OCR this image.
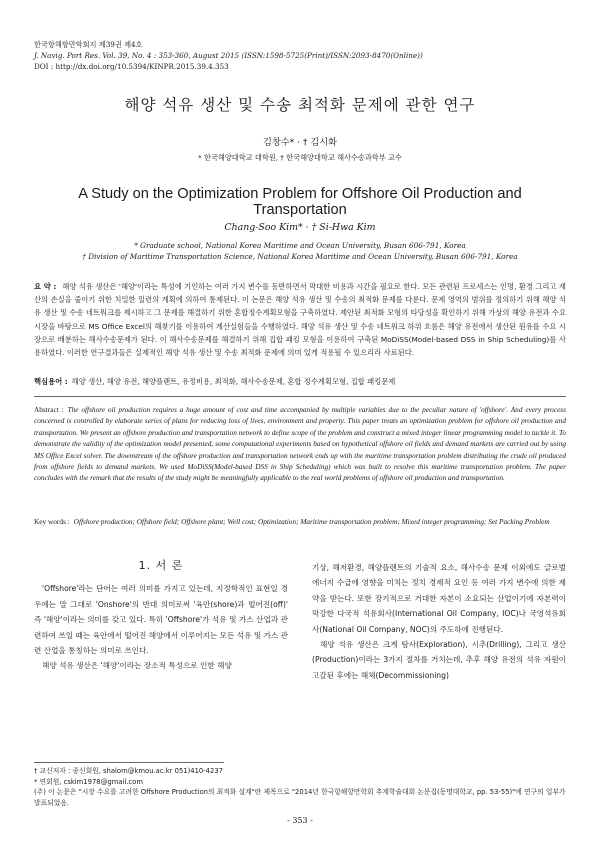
한국항해항만학회지 제39권 제4호
J. Navig. Port Res. Vol. 39, No. 4 : 353-360, August 2015 (ISSN:1598-5725(Print)/ISSN:2093-8470(Online))
DOI : http://dx.doi.org/10.5394/KINPR.2015.39.4.353
해양 석유 생산 및 수송 최적화 문제에 관한 연구
김창수* · † 김시화
* 한국해양대학교 대학원, † 한국해양대학교 해사수송과학부 교수
A Study on the Optimization Problem for Offshore Oil Production and Transportation
Chang-Soo Kim* · † Si-Hwa Kim
* Graduate school, National Korea Maritime and Ocean University, Busan 606-791, Korea
† Division of Maritime Transportation Science, National Korea Maritime and Ocean University, Busan 606-791, Korea
요 약 : 해양 석유 생산은 '해양'이라는 특성에 기인하는 여러 가지 변수를 동반하면서 막대한 비용과 시간을 필요로 한다. 모든 관련된 프로세스는 인명, 환경 그리고 재산의 손실을 줄이기 위한 치밀한 일련의 계획에 의하여 통제된다. 이 논문은 해양 석유 생산 및 수송의 최적화 문제를 다룬다. 문제 영역의 범위를 정의하기 위해 해양 석유 생산 및 수송 네트워크를 제시하고 그 문제를 해결하기 위한 혼합정수계획모형을 구축하였다. 제안된 최적화 모형의 타당성을 확인하기 위해 가상의 해양 유전과 수요 시장을 바탕으로 MS Office Excel의 해찾기를 이용하여 계산실험들을 수행하였다. 해양 석유 생산 및 수송 네트워크 하위 흐름은 해양 유전에서 생산된 원유를 수요 시장으로 배분하는 해사수송문제가 된다. 이 해사수송문제를 해결하기 위해 집합 패킹 모형을 이용하여 구축된 MoDiSS(Model-based DSS in Ship Scheduling)를 사용하였다. 이러한 연구결과들은 실제적인 해양 석유 생산 및 수송 최적화 문제에 의미 있게 적용될 수 있으리라 사료된다.
핵심용어 : 해양 생산, 해양 유전, 해양플랜트, 유정비용, 최적화, 해사수송문제, 혼합 정수계획모형, 집합 패킹문제
Abstract : The offshore oil production requires a huge amount of cost and time accompanied by multiple variables due to the peculiar nature of 'offshore'. And every process concerned is controlled by elaborate series of plans for reducing loss of lives, environment and property. This paper treats an optimization problem for offshore oil production and transportation. We present an offshore production and transportation network to define scope of the problem and construct a mixed integer linear programming model to tackle it. To demonstrate the validity of the optimization model presented, some computational experiments based on hypothetical offshore oil fields and demand markets are carried out by using MS Office Excel solver. The downstream of the offshore production and transportation network ends up with the maritime transportation problem distributing the crude oil produced from offshore fields to demand markets. We used MoDiSS(Model-based DSS in Ship Scheduling) which was built to resolve this maritime transportation problem. The paper concludes with the remark that the results of the study might be meaningfully applicable to the real world problems of offshore oil production and transportation.
Key words : Offshore production; Offshore field; Offshore plant; Well cost; Optimization; Maritime transportation problem; Mixed integer programming; Set Packing Problem
1. 서 론

'Offshore'라는 단어는 여러 의미를 가지고 있는데, 지정학적인 표현일 경우에는 말 그대로 'Onshore'의 반대 의미로써 '육안(shore)과 떨어진(off)' 즉 '해양'이라는 의미를 갖고 있다. 특히 'Offshore'가 석유 및 가스 산업과 관련하여 쓰일 때는 육안에서 떨어진 해양에서 이루어지는 모든 석유 및 가스 관련 산업을 통칭하는 의미로 쓰인다.

해양 석유 생산은 '해양'이라는 장소적 특성으로 인한 해양

기상, 해저환경, 해양플랜트의 기술적 요소, 해사수송 문제 이외에도 글로벌 에너지 수급에 영향을 미치는 정치 경제적 요인 등 여러 가지 변수에 의한 제약을 받는다. 또한 장기적으로 거대한 자본이 소요되는 산업이기에 자본력이 막강한 다국적 석유회사(International Oil Company, IOC)나 국영석유회사(National Oil Company, NOC)의 주도하에 진행된다.

해양 석유 생산은 크게 탐사(Exploration), 시추(Drilling), 그리고 생산(Production)이라는 3가지 절차를 거치는데, 추후 해양 유전의 석유 자원이 고갈된 후에는 해체(Decommissioning)

† 교신저자 : 종신회원, shalom@kmou.ac.kr 051)410-4237
* 연회원, cskim1978@gmail.com
(주) 이 논문은 "시장 수요를 고려한 Offshore Production의 최적화 설계"란 제목으로 "2014년 한국항해항만학회 추계학술대회 논문집(동명대학교, pp. 53-55)"에 연구의 일부가 발표되었음.
- 353 -
